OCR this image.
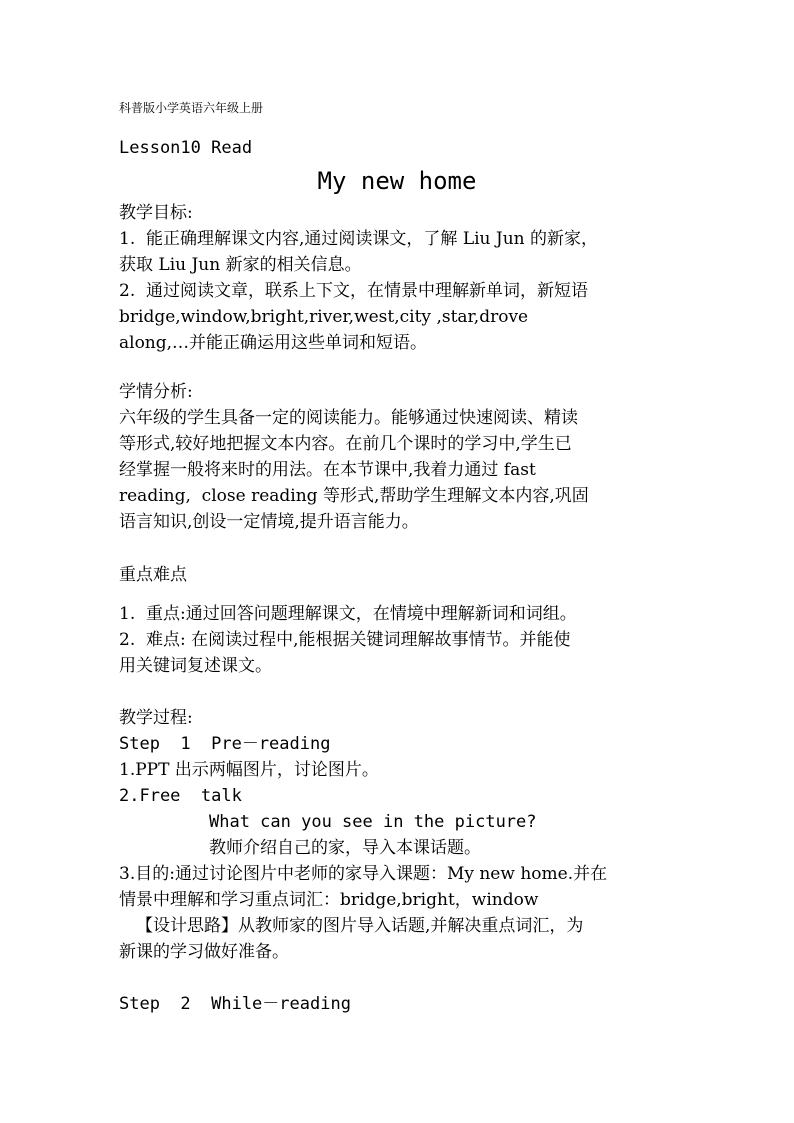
科普版小学英语六年级上册
Lesson10 Read
My new home
教学目标:
1.  能正确理解课文内容,通过阅读课文，了解 Liu Jun 的新家，
获取 Liu Jun 新家的相关信息。
2.  通过阅读文章，联系上下文，在情景中理解新单词，新短语
bridge,window,bright,river,west,city ,star,drove
along,…并能正确运用这些单词和短语。
学情分析:
六年级的学生具备一定的阅读能力。能够通过快速阅读、精读
等形式,较好地把握文本内容。在前几个课时的学习中,学生已
经掌握一般将来时的用法。在本节课中,我着力通过 fast
reading,  close reading 等形式,帮助学生理解文本内容,巩固
语言知识,创设一定情境,提升语言能力。
重点难点
1.  重点:通过回答问题理解课文，在情境中理解新词和词组。
2.  难点: 在阅读过程中,能根据关键词理解故事情节。并能使
用关键词复述课文。
教学过程:
Step  1  Pre－reading
1.PPT 出示两幅图片，讨论图片。
2.Free  talk
What can you see in the picture?
教师介绍自己的家，导入本课话题。
3.目的:通过讨论图片中老师的家导入课题：My new home.并在
情景中理解和学习重点词汇：bridge,bright，window
【设计思路】从教师家的图片导入话题,并解决重点词汇，为
新课的学习做好准备。
Step  2  While－reading
